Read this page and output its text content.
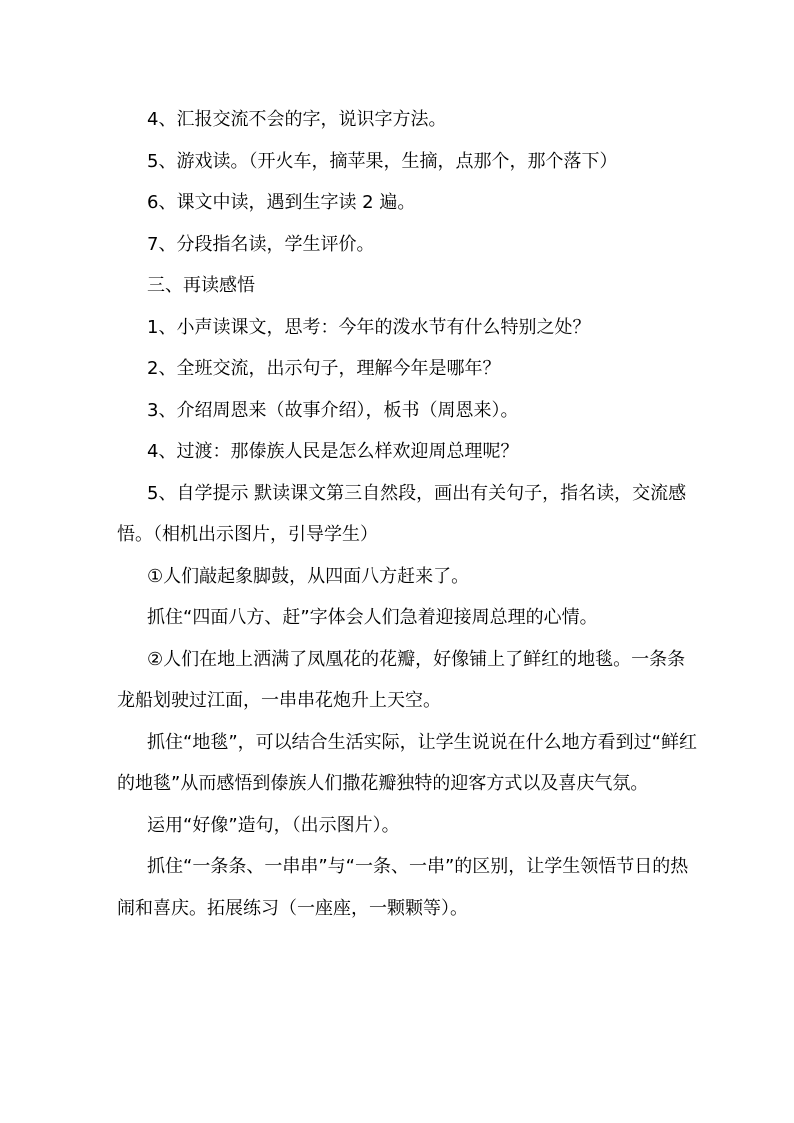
4、汇报交流不会的字，说识字方法。

5、游戏读。（开火车，摘苹果，生摘，点那个，那个落下）

6、课文中读，遇到生字读 2 遍。

7、分段指名读，学生评价。

三、再读感悟

1、小声读课文，思考：今年的泼水节有什么特别之处？

2、全班交流，出示句子，理解今年是哪年？

3、介绍周恩来（故事介绍），板书（周恩来）。

4、过渡：那傣族人民是怎么样欢迎周总理呢？

5、自学提示 默读课文第三自然段，画出有关句子，指名读，交流感悟。（相机出示图片，引导学生）

①人们敲起象脚鼓，从四面八方赶来了。

抓住“四面八方、赶”字体会人们急着迎接周总理的心情。

②人们在地上洒满了凤凰花的花瓣，好像铺上了鲜红的地毯。一条条龙船划驶过江面，一串串花炮升上天空。

抓住“地毯”，可以结合生活实际，让学生说说在什么地方看到过“鲜红的地毯”从而感悟到傣族人们撒花瓣独特的迎客方式以及喜庆气氛。

运用“好像”造句，（出示图片）。

抓住“一条条、一串串”与“一条、一串”的区别，让学生领悟节日的热闹和喜庆。拓展练习（一座座，一颗颗等）。
